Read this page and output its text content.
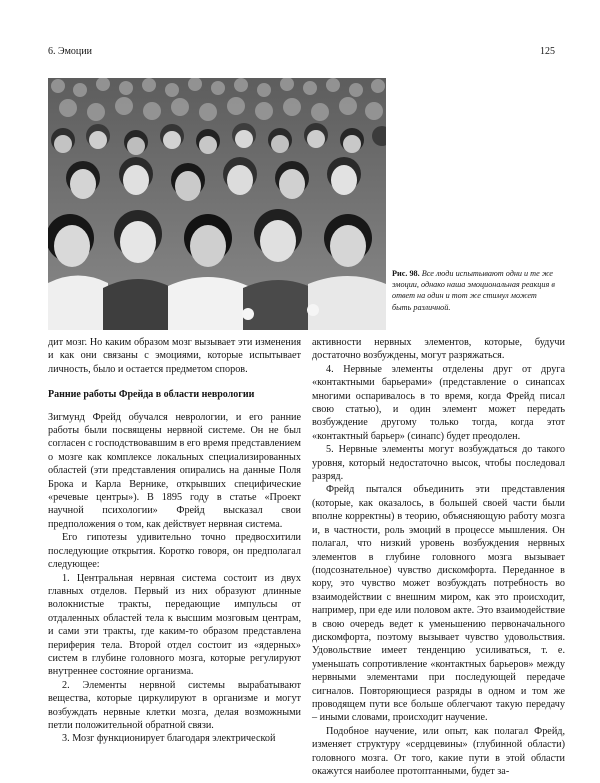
6. Эмоции	125
Рис. 98. Все люди испытывают одни и те же эмоции, однако наша эмоциональная реакция в ответ на один и тот же стимул может быть различной.

дит мозг. Но каким образом мозг вызывает эти изменения и как они связаны с эмоциями, которые испытывает личность, было и остается предметом споров.

Ранние работы Фрейда в области неврологии

Зигмунд Фрейд обучался неврологии, и его ранние работы были посвящены нервной системе. Он не был согласен с господствовавшим в его время представлением о мозге как комплексе локальных специализированных областей (эти представления опирались на данные Поля Брока и Карла Вернике, открывших специфические «речевые центры»). В 1895 году в статье «Проект научной психологии» Фрейд высказал свои предположения о том, как действует нервная система.

Его гипотезы удивительно точно предвосхитили последующие открытия. Коротко говоря, он предполагал следующее:

1. Центральная нервная система состоит из двух главных отделов. Первый из них образуют длинные волокнистые тракты, передающие импульсы от отдаленных областей тела к высшим мозговым центрам, и сами эти тракты, где каким-то образом представлена периферия тела. Второй отдел состоит из «ядерных» систем в глубине головного мозга, которые регулируют внутреннее состояние организма.

2. Элементы нервной системы вырабатывают вещества, которые циркулируют в организме и могут возбуждать нервные клетки мозга, делая возможными петли положительной обратной связи.

3. Мозг функционирует благодаря электрической

активности нервных элементов, которые, будучи достаточно возбуждены, могут разряжаться.

4. Нервные элементы отделены друг от друга «контактными барьерами» (представление о синапсах многими оспаривалось в то время, когда Фрейд писал свою статью), и один элемент может передать возбуждение другому только тогда, когда этот «контактный барьер» (синапс) будет преодолен.

5. Нервные элементы могут возбуждаться до такого уровня, который недостаточно высок, чтобы последовал разряд.

Фрейд пытался объединить эти представления (которые, как оказалось, в большей своей части были вполне корректны) в теорию, объясняющую работу мозга и, в частности, роль эмоций в процессе мышления. Он полагал, что низкий уровень возбуждения нервных элементов в глубине головного мозга вызывает (подсознательное) чувство дискомфорта. Переданное в кору, это чувство может возбуждать потребность во взаимодействии с внешним миром, как это происходит, например, при еде или половом акте. Это взаимодействие в свою очередь ведет к уменьшению первоначального дискомфорта, поэтому вызывает чувство удовольствия. Удовольствие имеет тенденцию усиливаться, т. е. уменьшать сопротивление «контактных барьеров» между нервными элементами при последующей передаче сигналов. Повторяющиеся разряды в одном и том же проводящем пути все больше облегчают такую передачу – иными словами, происходит научение.

Подобное научение, или опыт, как полагал Фрейд, изменяет структуру «сердцевины» (глубинной области) головного мозга. От того, какие пути в этой области окажутся наиболее протоптанными, будет за-
